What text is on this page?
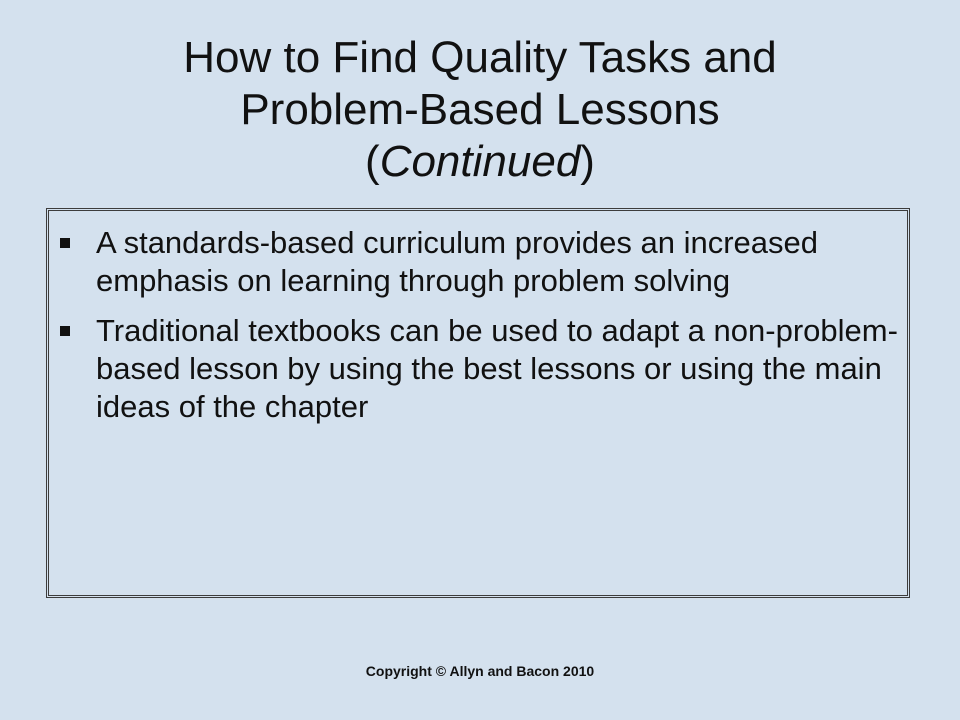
How to Find Quality Tasks and
Problem-Based Lessons
(Continued)
A standards-based curriculum provides an increased emphasis on learning through problem solving
Traditional textbooks can be used to adapt a non-problem-based lesson by using the best lessons or using the main ideas of the chapter
Copyright © Allyn and Bacon 2010
